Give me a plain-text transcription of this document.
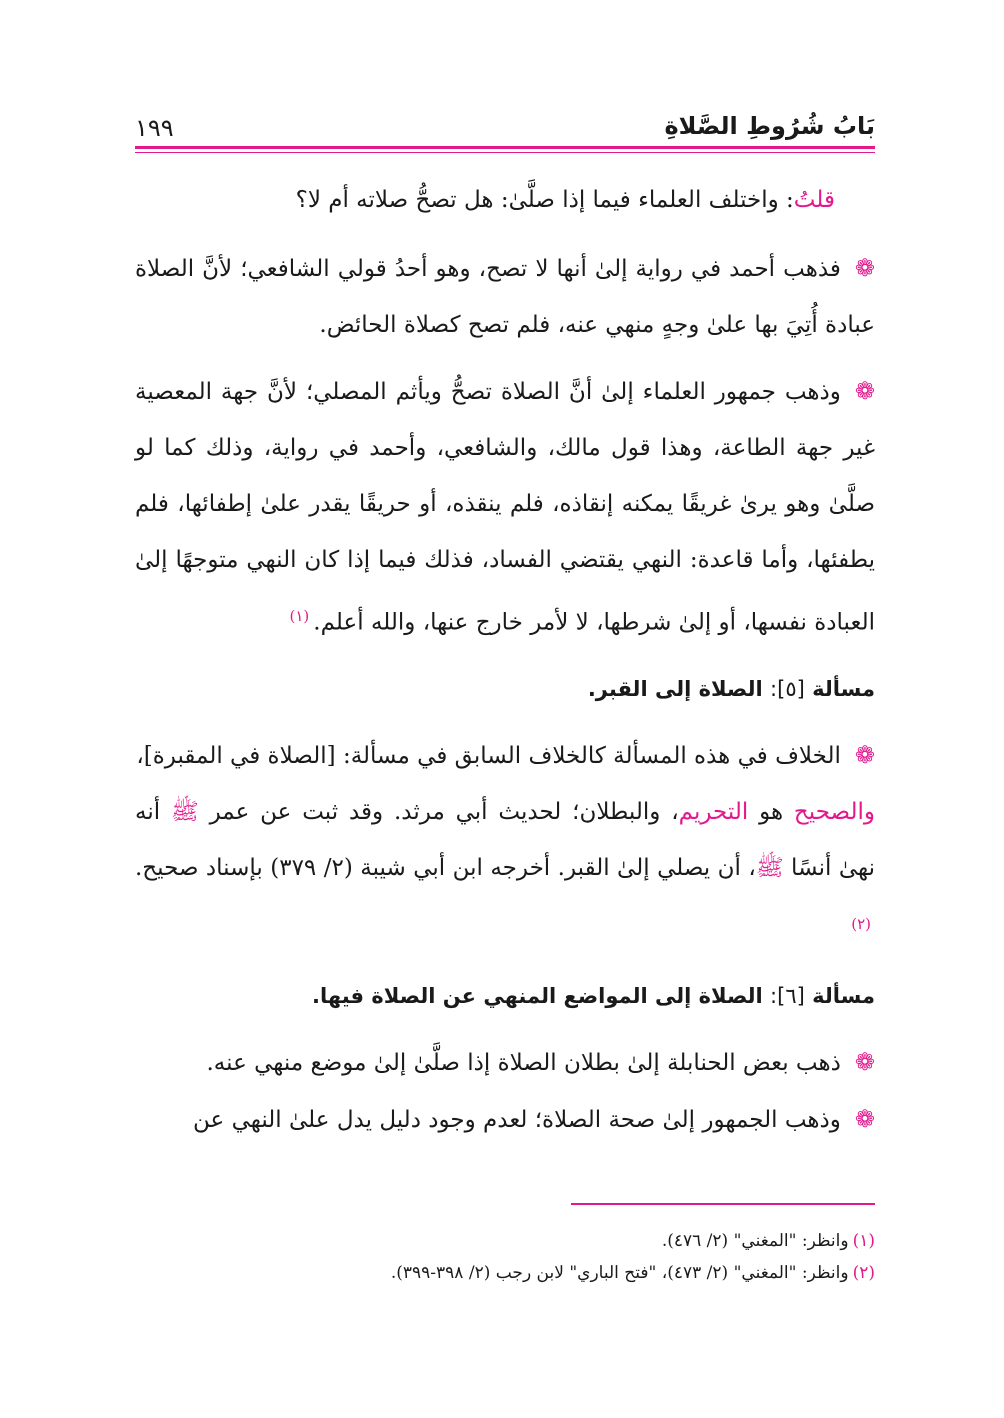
بَابُ شُرُوطِ الصَّلاةِ
١٩٩

قلتُ: واختلف العلماء فيما إذا صلَّىٰ: هل تصحُّ صلاته أم لا؟

❁فذهب أحمد في رواية إلىٰ أنها لا تصح، وهو أحدُ قولي الشافعي؛ لأنَّ الصلاة عبادة أُتِيَ بها علىٰ وجهٍ منهي عنه، فلم تصح كصلاة الحائض.

❁وذهب جمهور العلماء إلىٰ أنَّ الصلاة تصحُّ ويأثم المصلي؛ لأنَّ جهة المعصية غير جهة الطاعة، وهذا قول مالك، والشافعي، وأحمد في رواية، وذلك كما لو صلَّىٰ وهو يرىٰ غريقًا يمكنه إنقاذه، فلم ينقذه، أو حريقًا يقدر علىٰ إطفائها، فلم يطفئها، وأما قاعدة: النهي يقتضي الفساد، فذلك فيما إذا كان النهي متوجهًا إلىٰ العبادة نفسها، أو إلىٰ شرطها، لا لأمر خارج عنها، والله أعلم.$^{(١)}$

مسألة [٥]: الصلاة إلى القبر.

❁الخلاف في هذه المسألة كالخلاف السابق في مسألة: [الصلاة في المقبرة]،

والصحيح هو التحريم، والبطلان؛ لحديث أبي مرثد. وقد ثبت عن عمر ﷺ أنه نهىٰ أنسًا ﷺ، أن يصلي إلىٰ القبر. أخرجه ابن أبي شيبة (٢/ ٣٧٩) بإسناد صحيح.$^{(٢)}$

مسألة [٦]: الصلاة إلى المواضع المنهي عن الصلاة فيها.

❁ذهب بعض الحنابلة إلىٰ بطلان الصلاة إذا صلَّىٰ إلىٰ موضع منهي عنه.

❁وذهب الجمهور إلىٰ صحة الصلاة؛ لعدم وجود دليل يدل علىٰ النهي عن

(١)وانظر: "المغني" (٢/ ٤٧٦).
(٢)وانظر: "المغني" (٢/ ٤٧٣)، "فتح الباري" لابن رجب (٢/ ٣٩٨-٣٩٩).
